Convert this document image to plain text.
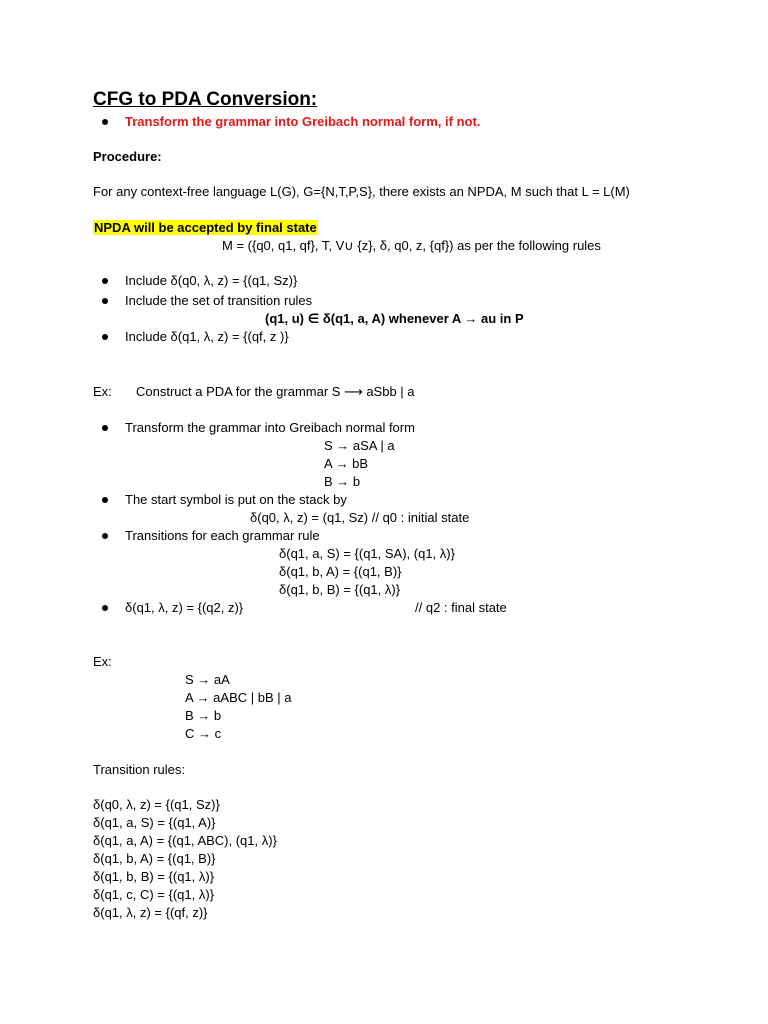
CFG to PDA Conversion:
Transform the grammar into Greibach normal form, if not.
Procedure:
For any context-free language L(G), G={N,T,P,S}, there exists an NPDA, M such that L = L(M)
NPDA will be accepted by final state
M = ({q0, q1, qf}, T, V∪ {z}, δ, q0, z, {qf}) as per the following rules
Include δ(q0, λ, z) = {(q1, Sz)}
Include the set of transition rules
(q1, u) ∈ δ(q1, a, A) whenever A → au in P
Include δ(q1, λ, z) = {(qf, z )}
Ex: Construct a PDA for the grammar S ⟶ aSbb | a
Transform the grammar into Greibach normal form
S → aSA | a
A → bB
B → b
The start symbol is put on the stack by
δ(q0, λ, z) = (q1, Sz) // q0 : initial state
Transitions for each grammar rule
δ(q1, a, S) = {(q1, SA), (q1, λ)}
δ(q1, b, A) = {(q1, B)}
δ(q1, b, B) = {(q1, λ)}
δ(q1, λ, z) = {(q2, z)}	// q2 : final state
Ex:
S → aA
A → aABC | bB | a
B → b
C → c
Transition rules:
δ(q0, λ, z) = {(q1, Sz)}
δ(q1, a, S) = {(q1, A)}
δ(q1, a, A) = {(q1, ABC), (q1, λ)}
δ(q1, b, A) = {(q1, B)}
δ(q1, b, B) = {(q1, λ)}
δ(q1, c, C) = {(q1, λ)}
δ(q1, λ, z) = {(qf, z)}
